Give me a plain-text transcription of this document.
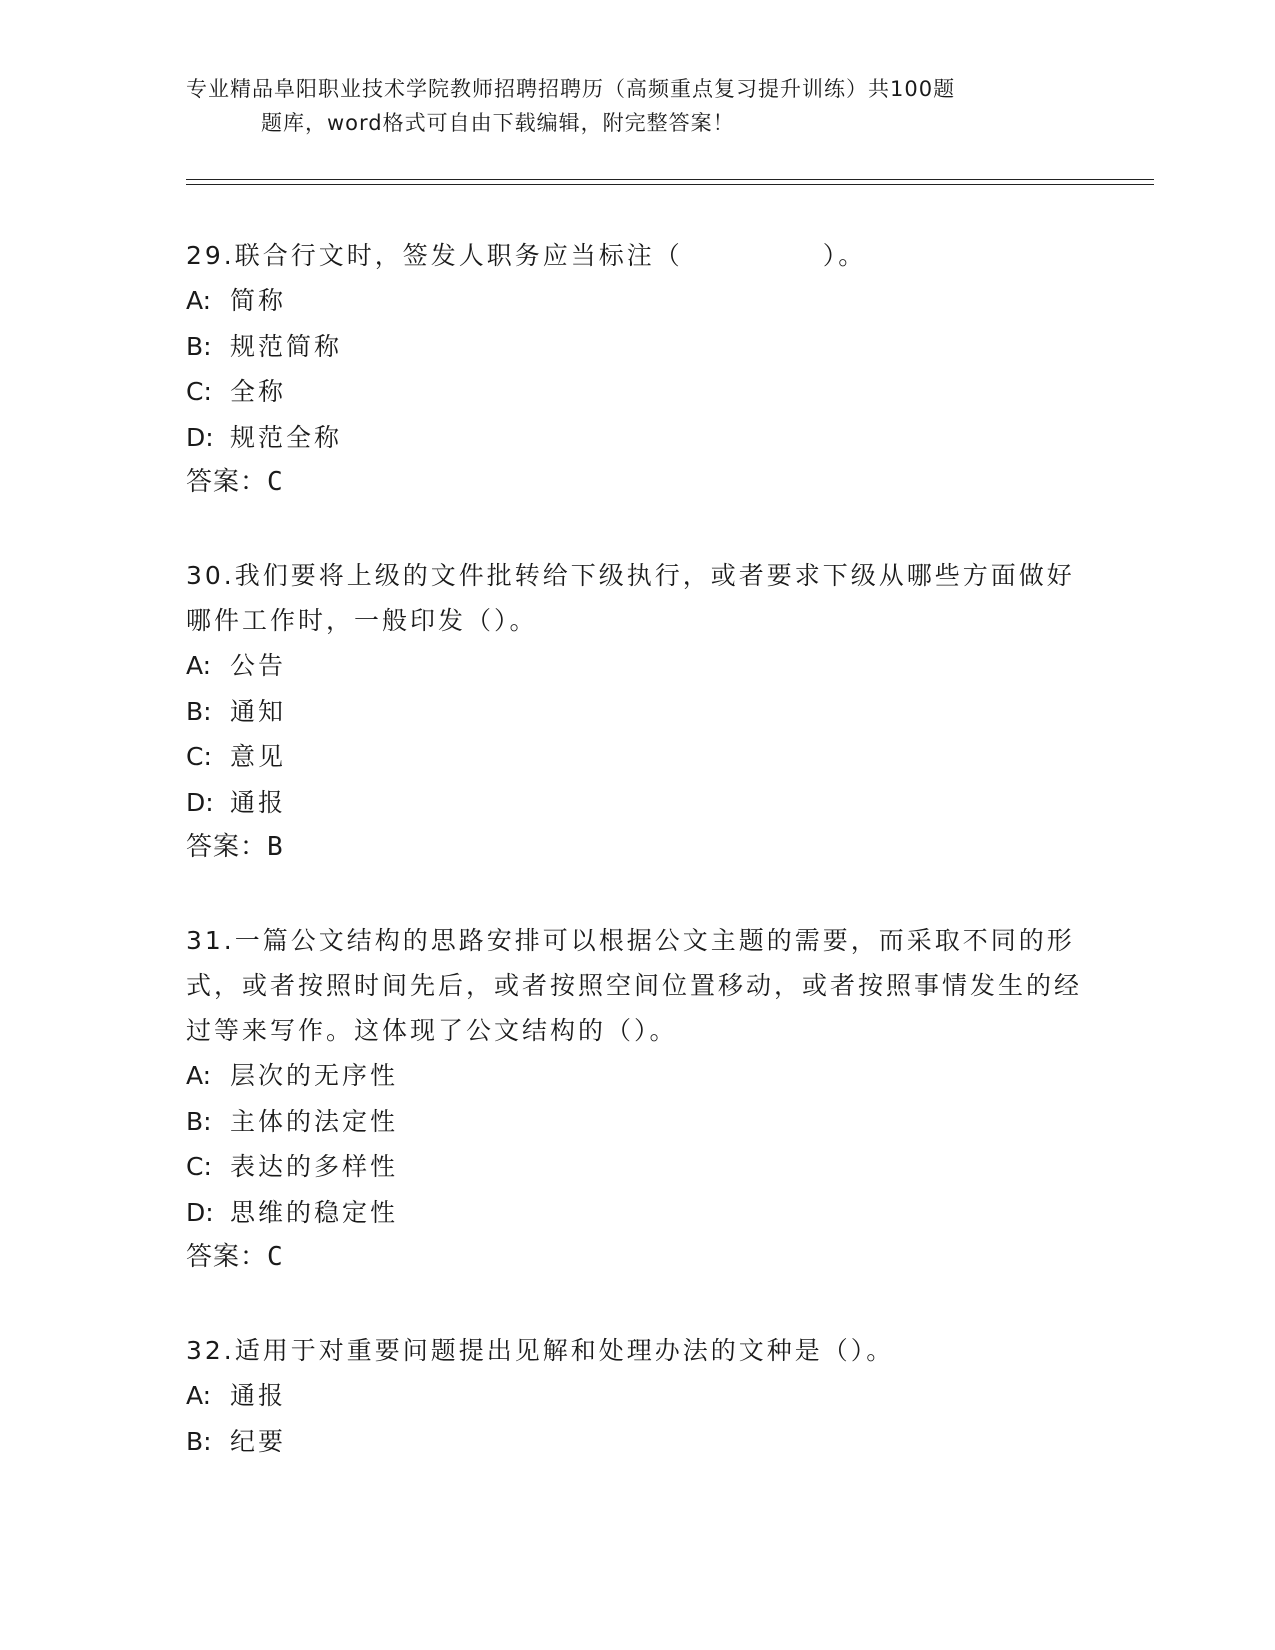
专业精品阜阳职业技术学院教师招聘招聘历（高频重点复习提升训练）共100题
题库，word格式可自由下载编辑，附完整答案！
29.联合行文时，签发人职务应当标注（　　　　　）。
A: 简称
B: 规范简称
C: 全称
D: 规范全称
答案：C
30.我们要将上级的文件批转给下级执行，或者要求下级从哪些方面做好哪件工作时，一般印发（）。
A: 公告
B: 通知
C: 意见
D: 通报
答案：B
31.一篇公文结构的思路安排可以根据公文主题的需要，而采取不同的形式，或者按照时间先后，或者按照空间位置移动，或者按照事情发生的经过等来写作。这体现了公文结构的（）。
A: 层次的无序性
B: 主体的法定性
C: 表达的多样性
D: 思维的稳定性
答案：C
32.适用于对重要问题提出见解和处理办法的文种是（）。
A: 通报
B: 纪要
